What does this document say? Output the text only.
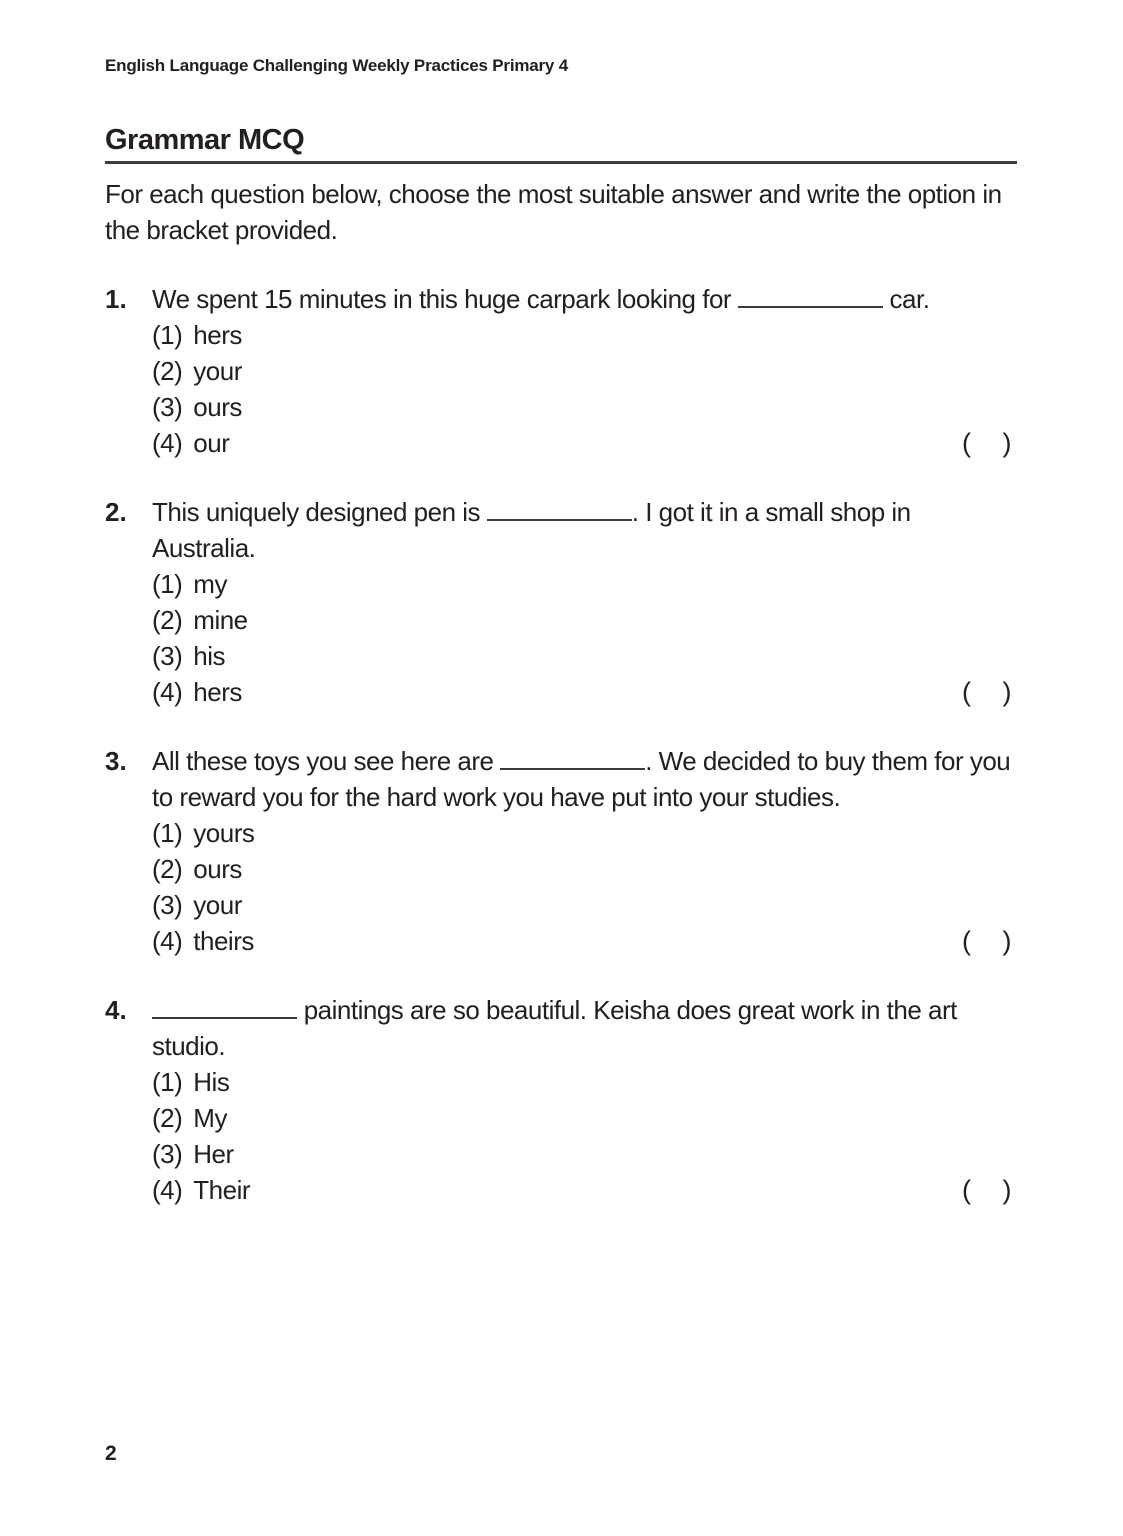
English Language Challenging Weekly Practices Primary 4
Grammar MCQ

For each question below, choose the most suitable answer and write the option in the bracket provided.

1. We spent 15 minutes in this huge carpark looking for	car.

(1) hers
(2) your
(3) ours
(4) our	( )
2. This uniquely designed pen is	. I got it in a small shop in Australia.

(1) my
(2) mine
(3) his
(4) hers	( )
3. All these toys you see here are	. We decided to buy them for you to reward you for the hard work you have put into your studies.

(1) yours
(2) ours
(3) your
(4) theirs	( )
4.	paintings are so beautiful. Keisha does great work in the art studio.

(1) His
(2) My
(3) Her
(4) Their	( )
2
